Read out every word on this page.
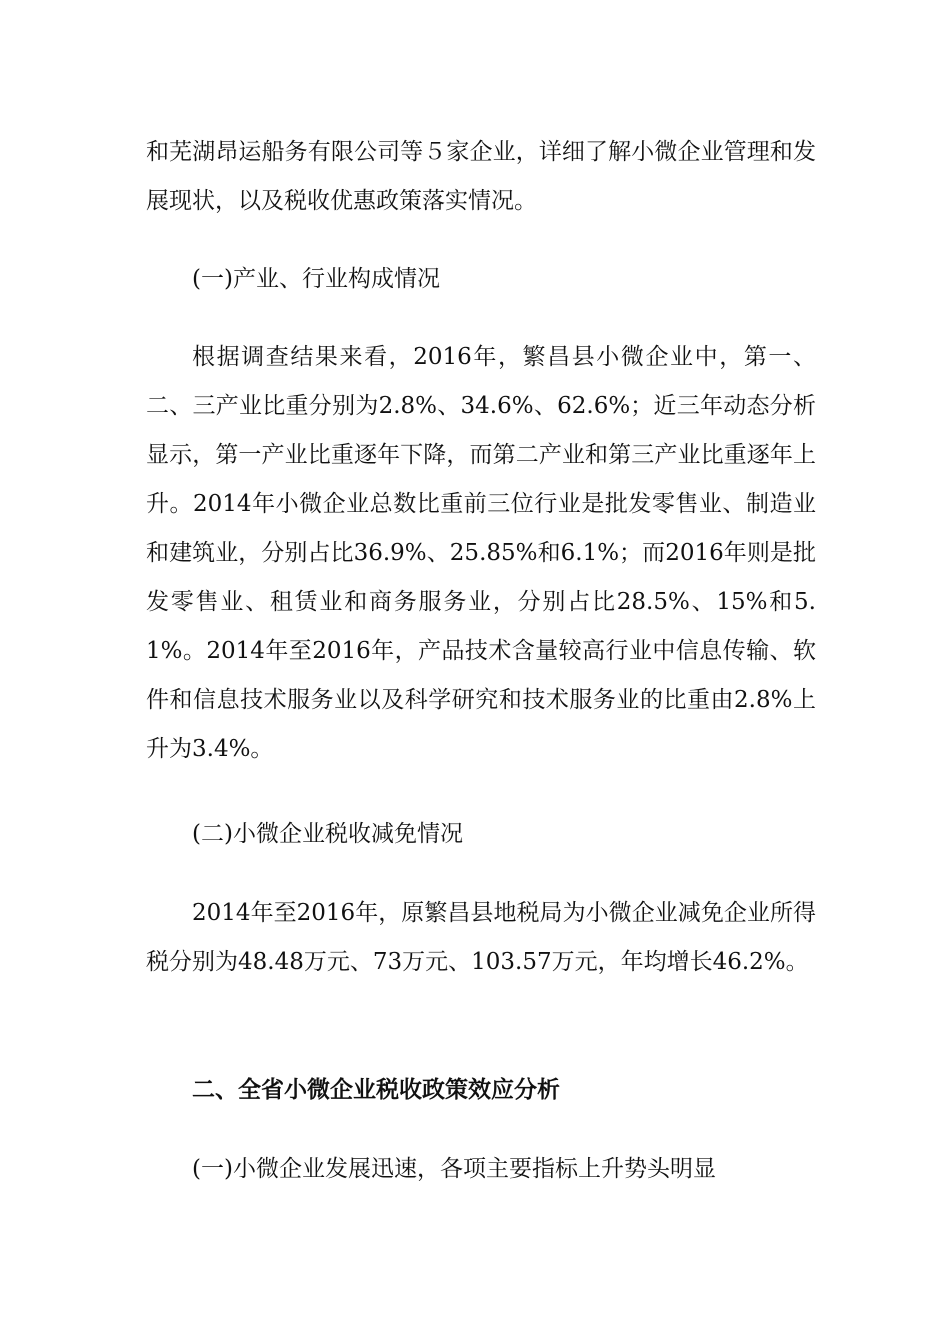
和芜湖昂运船务有限公司等５家企业，详细了解小微企业管理和发展现状，以及税收优惠政策落实情况。

(一)产业、行业构成情况

根据调查结果来看，2016年，繁昌县小微企业中，第一、二、三产业比重分别为2.8%、34.6%、62.6%；近三年动态分析显示，第一产业比重逐年下降，而第二产业和第三产业比重逐年上升。2014年小微企业总数比重前三位行业是批发零售业、制造业和建筑业，分别占比36.9%、25.85%和6.1%；而2016年则是批发零售业、租赁业和商务服务业，分别占比28.5%、15%和5.1%。2014年至2016年，产品技术含量较高行业中信息传输、软件和信息技术服务业以及科学研究和技术服务业的比重由2.8%上升为3.4%。

(二)小微企业税收减免情况

2014年至2016年，原繁昌县地税局为小微企业减免企业所得税分别为48.48万元、73万元、103.57万元，年均增长46.2%。

二、全省小微企业税收政策效应分析

(一)小微企业发展迅速，各项主要指标上升势头明显
